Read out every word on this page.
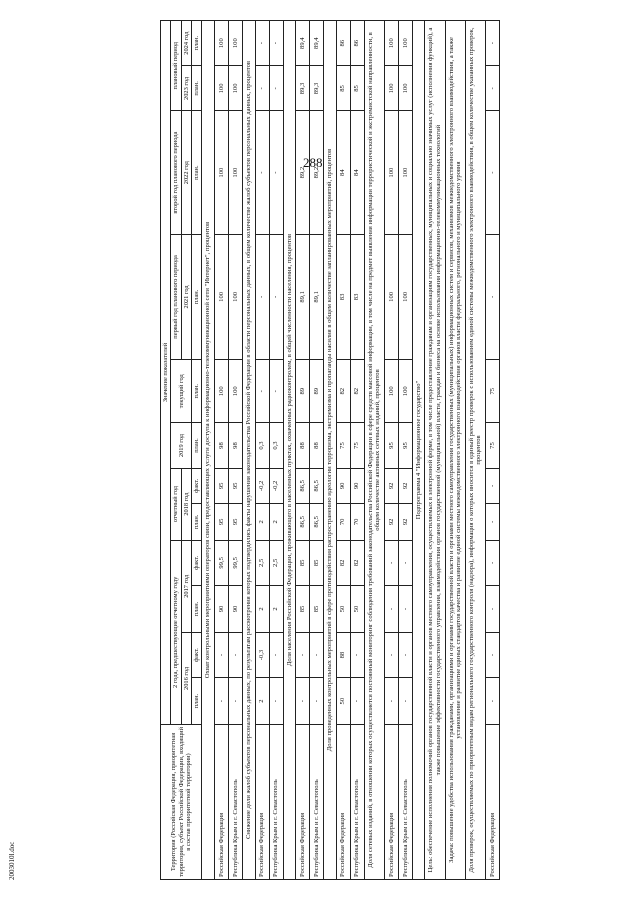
288
2003010l.doc	Территория (Российская Федерация, приоритетная территория, субъект Российской Федерации, входящий в состав приоритетной территории)	Значение показателей											
	2 года, предшествующие отчетному году				отчетный год		2019 год	текущий год	первый год планового периода	второй год планового периода	плановый период	
	2016 год		2017 год		2018 год				2021 год	2022 год	2023 год	2024 год
	план.	факт.	план.	факт.	план.	факт.	план.	план.	план.	план.	план.	план.
Охват контрольными мероприятиями операторов связи, предоставляющих услуги доступа к информационно-телекоммуникационной сети "Интернет", процентов												
Российская Федерация	-	-	90	99,5	95	95	98	100	100	100	100	100
Республика Крым и г. Севастополь	-	-	90	99,5	95	95	98	100	100	100	100	100
Снижение доли жалоб субъектов персональных данных, по результатам рассмотрения которых подтвердились факты нарушения законодательства Российской Федерации в области персональных данных, в общем количестве жалоб субъектов персональных данных, процентов												
Российская Федерация	2	-0,3	2	2,5	2	-0,2	0,3	-	-	-	-	-
Республика Крым и г. Севастополь	-	-	2	2,5	2	-0,2	0,3	-	-	-	-	-
Доля населения Российской Федерации, проживающего в населенных пунктах, охваченных радиоконтролем, в общей численности населения, процентов												
Российская Федерация	-	-	85	85	86,5	86,5	88	89	89,1	89,2	89,3	89,4
Республика Крым и г. Севастополь	-	-	85	85	86,5	86,5	88	89	89,1	89,2	89,3	89,4
Доля проведенных контрольных мероприятий в сфере противодействия распространению идеологии терроризма, экстремизма и пропаганды насилия в общем количестве запланированных мероприятий, процентов												
Российская Федерация	50	88	50	82	70	90	75	82	83	84	85	86
Республика Крым и г. Севастополь	-	-	50	82	70	90	75	82	83	84	85	86
Доля сетевых изданий, в отношении которых осуществляется постоянный мониторинг соблюдения требований законодательства Российской Федерации в сфере средств массовой информации, в том числе на предмет выявления информации террористической и экстремистской направленности, в общем количестве активных сетевых изданий, процентов												
Российская Федерация	-	-	-	-	92	92	95	100	100	100	100	100
Республика Крым и г. Севастополь	-	-	-	-	92	92	95	100	100	100	100	100
Подпрограмма 4 "Информационное государство"												
Цель: обеспечение исполнения полномочий органов государственной власти и органов местного самоуправления, осуществляемых в электронной форме, в том числе предоставление гражданам и организациям государственных, муниципальных и социально значимых услуг (исполнения функций), а также повышение эффективности государственного управления, взаимодействия органов государственной (муниципальной) власти, граждан и бизнеса на основе использования информационно-телекоммуникационных технологий												
Задача: повышение удобства использования гражданами, организациями и органами государственной власти и органами местного самоуправления государственных (муниципальных) информационных систем и сервисов, механизмов межведомственного электронного взаимодействия, а также установление и развитие единых стандартов качества и развитие единой системы межведомственного электронного взаимодействия органов власти федерального, регионального и муниципального уровня												
Доля проверок, осуществляемых по приоритетным видам регионального государственного контроля (надзора), информация о которых вносится в единый реестр проверок с использованием единой системы межведомственного электронного взаимодействия, в общем количестве указанных проверок, процентов												
Российская Федерация	-	-	-	-	-	-	75	75	-	-	-	-
